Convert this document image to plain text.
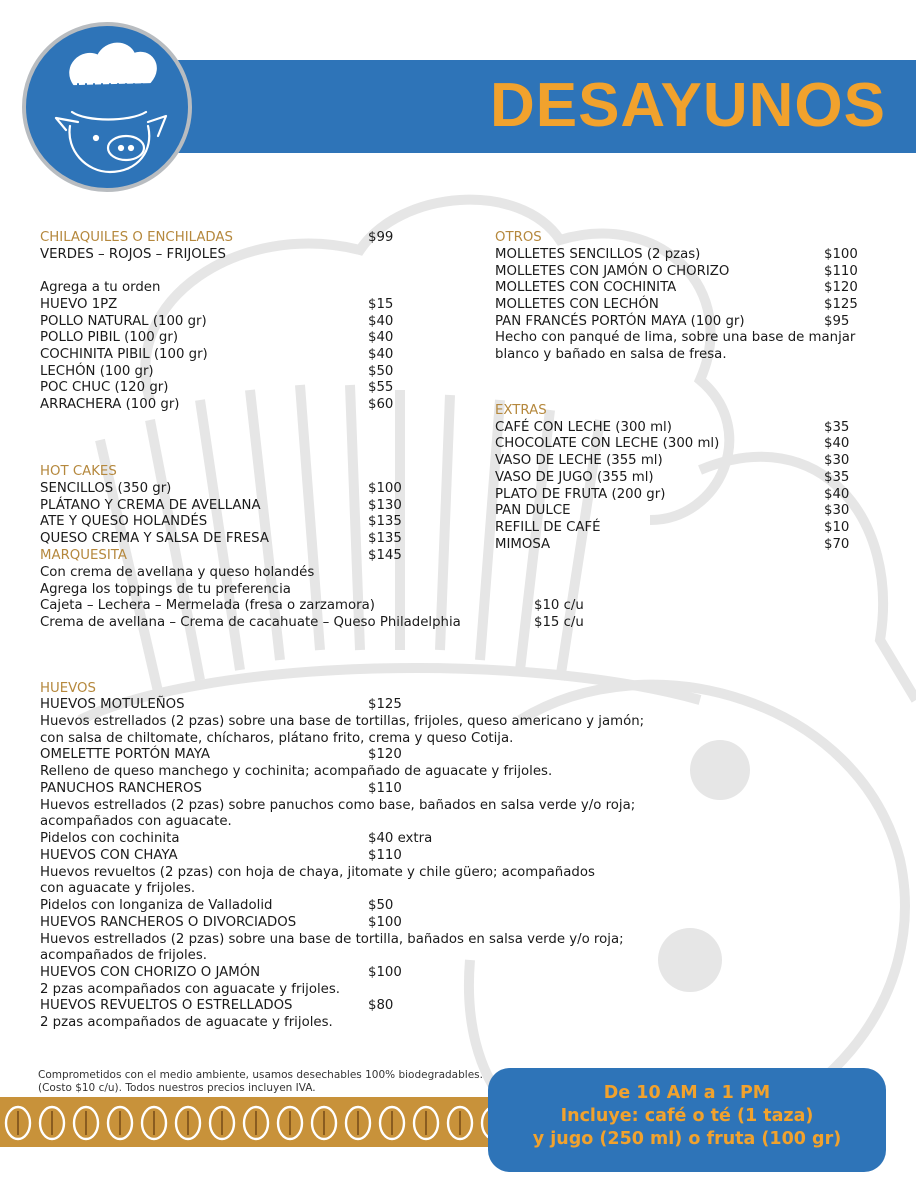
DESAYUNOS
CHILAQUILES O ENCHILADAS	$99
VERDES – ROJOS – FRIJOLES
Agrega a tu orden
HUEVO 1PZ	$15
POLLO NATURAL (100 gr)	$40
POLLO PIBIL (100 gr)	$40
COCHINITA PIBIL (100 gr)	$40
LECHÓN (100 gr)	$50
POC CHUC (120 gr)	$55
ARRACHERA (100 gr)	$60
HOT CAKES
SENCILLOS (350 gr)	$100
PLÁTANO Y CREMA DE AVELLANA	$130
ATE Y QUESO HOLANDÉS	$135
QUESO CREMA Y SALSA DE FRESA	$135
MARQUESITA	$145
Con crema de avellana y queso holandés
Agrega los toppings de tu preferencia
Cajeta – Lechera – Mermelada (fresa o zarzamora)	$10 c/u
Crema de avellana – Crema de cacahuate – Queso Philadelphia	$15 c/u
HUEVOS
HUEVOS MOTULEÑOS	$125
Huevos estrellados (2 pzas) sobre una base de tortillas, frijoles, queso americano y jamón;
con salsa de chiltomate, chícharos, plátano frito, crema y queso Cotija.
OMELETTE PORTÓN MAYA	$120
Relleno de queso manchego y cochinita; acompañado de aguacate y frijoles.
PANUCHOS RANCHEROS	$110
Huevos estrellados (2 pzas) sobre panuchos como base, bañados en salsa verde y/o roja;
acompañados con aguacate.
Pidelos con cochinita	$40 extra
HUEVOS CON CHAYA	$110
Huevos revueltos (2 pzas) con hoja de chaya, jitomate y chile güero; acompañados
con aguacate y frijoles.
Pidelos con longaniza de Valladolid	$50
HUEVOS RANCHEROS O DIVORCIADOS	$100
Huevos estrellados (2 pzas) sobre una base de tortilla, bañados en salsa verde y/o roja;
acompañados de frijoles.
HUEVOS CON CHORIZO O JAMÓN	$100
2 pzas acompañados con aguacate y frijoles.
HUEVOS REVUELTOS O ESTRELLADOS	$80
2 pzas acompañados de aguacate y frijoles.
OTROS
MOLLETES SENCILLOS (2 pzas)	$100
MOLLETES CON JAMÓN O CHORIZO	$110
MOLLETES CON COCHINITA	$120
MOLLETES CON LECHÓN	$125
PAN FRANCÉS PORTÓN MAYA (100 gr)	$95
Hecho con panqué de lima, sobre una base de manjar
blanco y bañado en salsa de fresa.
EXTRAS
CAFÉ CON LECHE (300 ml)	$35
CHOCOLATE CON LECHE (300 ml)	$40
VASO DE LECHE (355 ml)	$30
VASO DE JUGO (355 ml)	$35
PLATO DE FRUTA (200 gr)	$40
PAN DULCE	$30
REFILL DE CAFÉ	$10
MIMOSA	$70
Comprometidos con el medio ambiente, usamos desechables 100% biodegradables.
(Costo $10 c/u). Todos nuestros precios incluyen IVA.	De 10 AM a 1 PM
Incluye: café o té (1 taza)
y jugo (250 ml) o fruta (100 gr)
